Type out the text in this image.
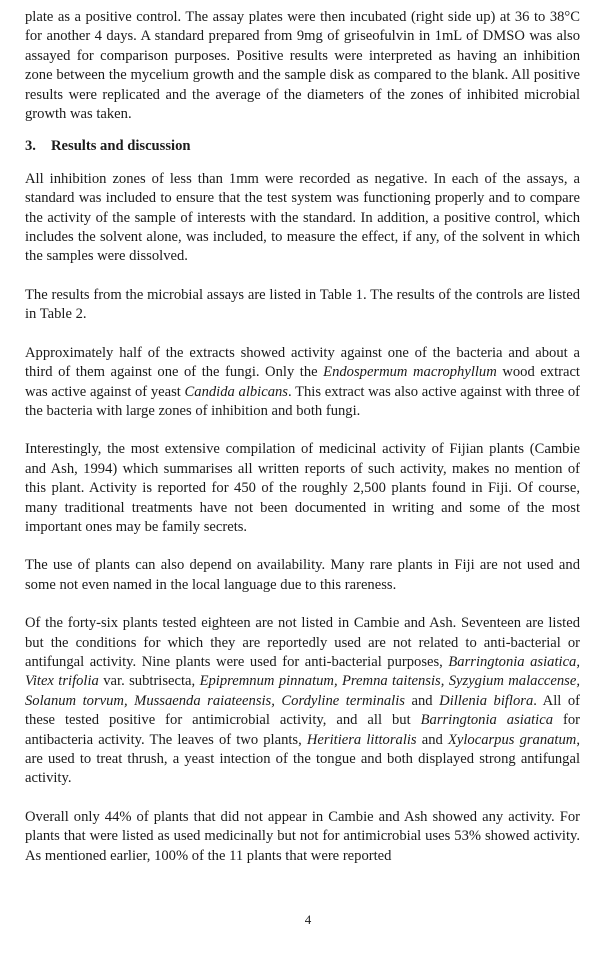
plate as a positive control. The assay plates were then incubated (right side up) at 36 to 38°C for another 4 days. A standard prepared from 9mg of griseofulvin in 1mL of DMSO was also assayed for comparison purposes. Positive results were interpreted as having an inhibition zone between the mycelium growth and the sample disk as compared to the blank. All positive results were replicated and the average of the diameters of the zones of inhibited microbial growth was taken.

3. Results and discussion

All inhibition zones of less than 1mm were recorded as negative. In each of the assays, a standard was included to ensure that the test system was functioning properly and to compare the activity of the sample of interests with the standard. In addition, a positive control, which includes the solvent alone, was included, to measure the effect, if any, of the solvent in which the samples were dissolved.

The results from the microbial assays are listed in Table 1. The results of the controls are listed in Table 2.

Approximately half of the extracts showed activity against one of the bacteria and about a third of them against one of the fungi. Only the Endospermum macrophyllum wood extract was active against of yeast Candida albicans. This extract was also active against with three of the bacteria with large zones of inhibition and both fungi.

Interestingly, the most extensive compilation of medicinal activity of Fijian plants (Cambie and Ash, 1994) which summarises all written reports of such activity, makes no mention of this plant. Activity is reported for 450 of the roughly 2,500 plants found in Fiji. Of course, many traditional treatments have not been documented in writing and some of the most important ones may be family secrets.

The use of plants can also depend on availability. Many rare plants in Fiji are not used and some not even named in the local language due to this rareness.

Of the forty-six plants tested eighteen are not listed in Cambie and Ash. Seventeen are listed but the conditions for which they are reportedly used are not related to anti-bacterial or antifungal activity. Nine plants were used for anti-bacterial purposes, Barringtonia asiatica, Vitex trifolia var. subtrisecta, Epipremnum pinnatum, Premna taitensis, Syzygium malaccense, Solanum torvum, Mussaenda raiateensis, Cordyline terminalis and Dillenia biflora. All of these tested positive for antimicrobial activity, and all but Barringtonia asiatica for antibacteria activity. The leaves of two plants, Heritiera littoralis and Xylocarpus granatum, are used to treat thrush, a yeast intection of the tongue and both displayed strong antifungal activity.

Overall only 44% of plants that did not appear in Cambie and Ash showed any activity. For plants that were listed as used medicinally but not for antimicrobial uses 53% showed activity. As mentioned earlier, 100% of the 11 plants that were reported

4
